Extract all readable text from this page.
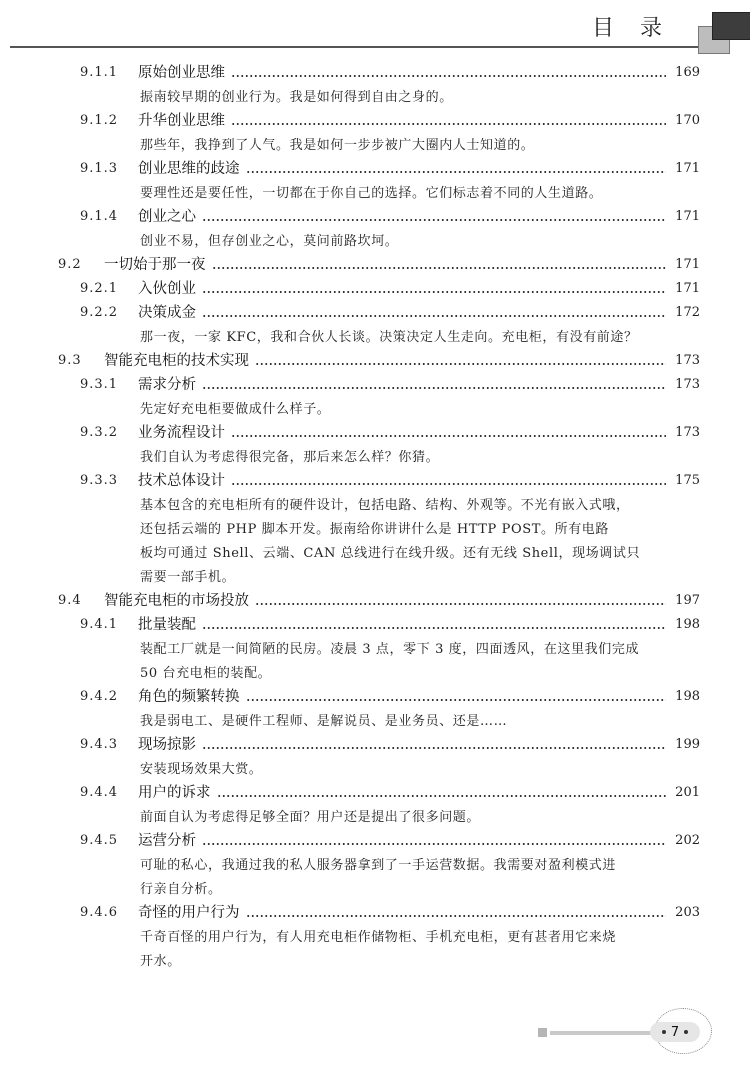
目录
9.1.1	原始创业思维	169
振南较早期的创业行为。我是如何得到自由之身的。
9.1.2	升华创业思维	170
那些年，我挣到了人气。我是如何一步步被广大圈内人士知道的。
9.1.3	创业思维的歧途	171
要理性还是要任性，一切都在于你自己的选择。它们标志着不同的人生道路。
9.1.4	创业之心	171
创业不易，但存创业之心，莫问前路坎坷。
9.2	一切始于那一夜	171
9.2.1	入伙创业	171
9.2.2	决策成金	172
那一夜，一家 KFC，我和合伙人长谈。决策决定人生走向。充电柜，有没有前途？
9.3	智能充电柜的技术实现	173
9.3.1	需求分析	173
先定好充电柜要做成什么样子。
9.3.2	业务流程设计	173
我们自认为考虑得很完备，那后来怎么样？你猜。
9.3.3	技术总体设计	175
基本包含的充电柜所有的硬件设计，包括电路、结构、外观等。不光有嵌入式哦，
还包括云端的 PHP 脚本开发。振南给你讲讲什么是 HTTP POST。所有电路
板均可通过 Shell、云端、CAN 总线进行在线升级。还有无线 Shell，现场调试只
需要一部手机。
9.4	智能充电柜的市场投放	197
9.4.1	批量装配	198
装配工厂就是一间简陋的民房。凌晨 3 点，零下 3 度，四面透风，在这里我们完成
50 台充电柜的装配。
9.4.2	角色的频繁转换	198
我是弱电工、是硬件工程师、是解说员、是业务员、还是……
9.4.3	现场掠影	199
安装现场效果大赏。
9.4.4	用户的诉求	201
前面自认为考虑得足够全面？用户还是提出了很多问题。
9.4.5	运营分析	202
可耻的私心，我通过我的私人服务器拿到了一手运营数据。我需要对盈利模式进
行亲自分析。
9.4.6	奇怪的用户行为	203
千奇百怪的用户行为，有人用充电柜作储物柜、手机充电柜，更有甚者用它来烧
开水。
7
